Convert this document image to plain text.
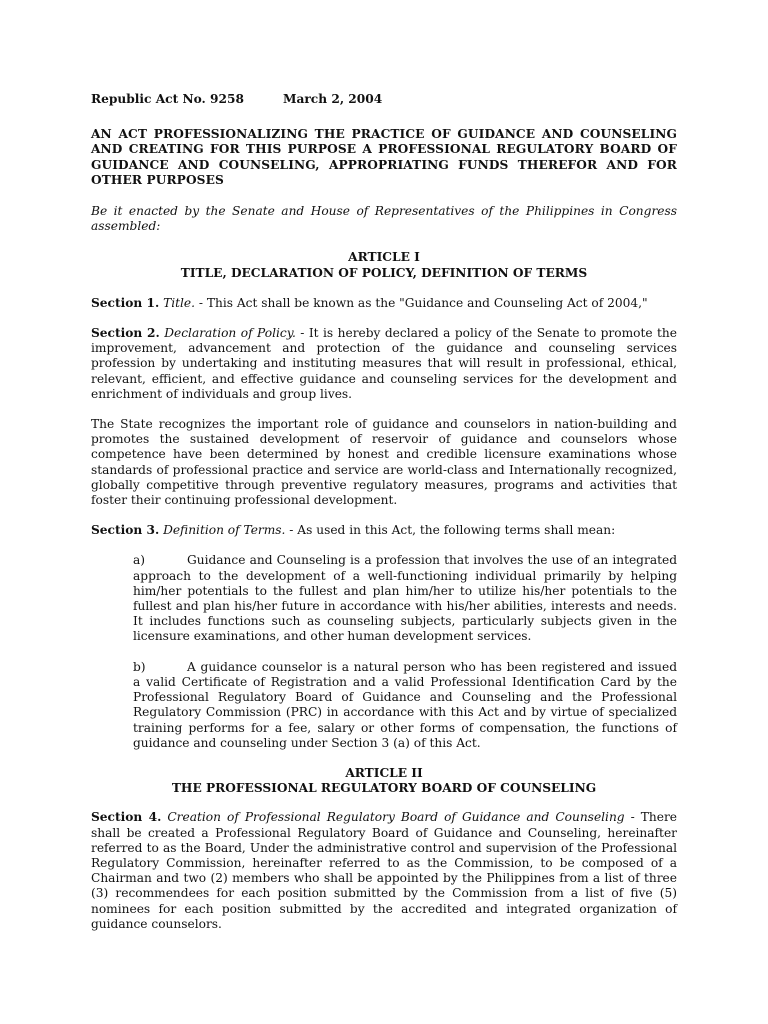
Republic Act No. 9258	March 2, 2004
AN ACT PROFESSIONALIZING THE PRACTICE OF GUIDANCE AND COUNSELING AND CREATING FOR THIS PURPOSE A PROFESSIONAL REGULATORY BOARD OF GUIDANCE AND COUNSELING, APPROPRIATING FUNDS THEREFOR AND FOR OTHER PURPOSES
Be it enacted by the Senate and House of Representatives of the Philippines in Congress assembled:
ARTICLE I
TITLE, DECLARATION OF POLICY, DEFINITION OF TERMS
Section 1. Title. - This Act shall be known as the "Guidance and Counseling Act of 2004,"
Section 2. Declaration of Policy. - It is hereby declared a policy of the Senate to promote the improvement, advancement and protection of the guidance and counseling services profession by undertaking and instituting measures that will result in professional, ethical, relevant, efficient, and effective guidance and counseling services for the development and enrichment of individuals and group lives.
The State recognizes the important role of guidance and counselors in nation-building and promotes the sustained development of reservoir of guidance and counselors whose competence have been determined by honest and credible licensure examinations whose standards of professional practice and service are world-class and Internationally recognized, globally competitive through preventive regulatory measures, programs and activities that foster their continuing professional development.
Section 3. Definition of Terms. - As used in this Act, the following terms shall mean:
a)	Guidance and Counseling is a profession that involves the use of an integrated approach to the development of a well-functioning individual primarily by helping him/her potentials to the fullest and plan him/her to utilize his/her potentials to the fullest and plan his/her future in accordance with his/her abilities, interests and needs. It includes functions such as counseling subjects, particularly subjects given in the licensure examinations, and other human development services.
b)	A guidance counselor is a natural person who has been registered and issued a valid Certificate of Registration and a valid Professional Identification Card by the Professional Regulatory Board of Guidance and Counseling and the Professional Regulatory Commission (PRC) in accordance with this Act and by virtue of specialized training performs for a fee, salary or other forms of compensation, the functions of guidance and counseling under Section 3 (a) of this Act.
ARTICLE II
THE PROFESSIONAL REGULATORY BOARD OF COUNSELING
Section 4. Creation of Professional Regulatory Board of Guidance and Counseling - There shall be created a Professional Regulatory Board of Guidance and Counseling, hereinafter referred to as the Board, Under the administrative control and supervision of the Professional Regulatory Commission, hereinafter referred to as the Commission, to be composed of a Chairman and two (2) members who shall be appointed by the Philippines from a list of three (3) recommendees for each position submitted by the Commission from a list of five (5) nominees for each position submitted by the accredited and integrated organization of guidance counselors.
